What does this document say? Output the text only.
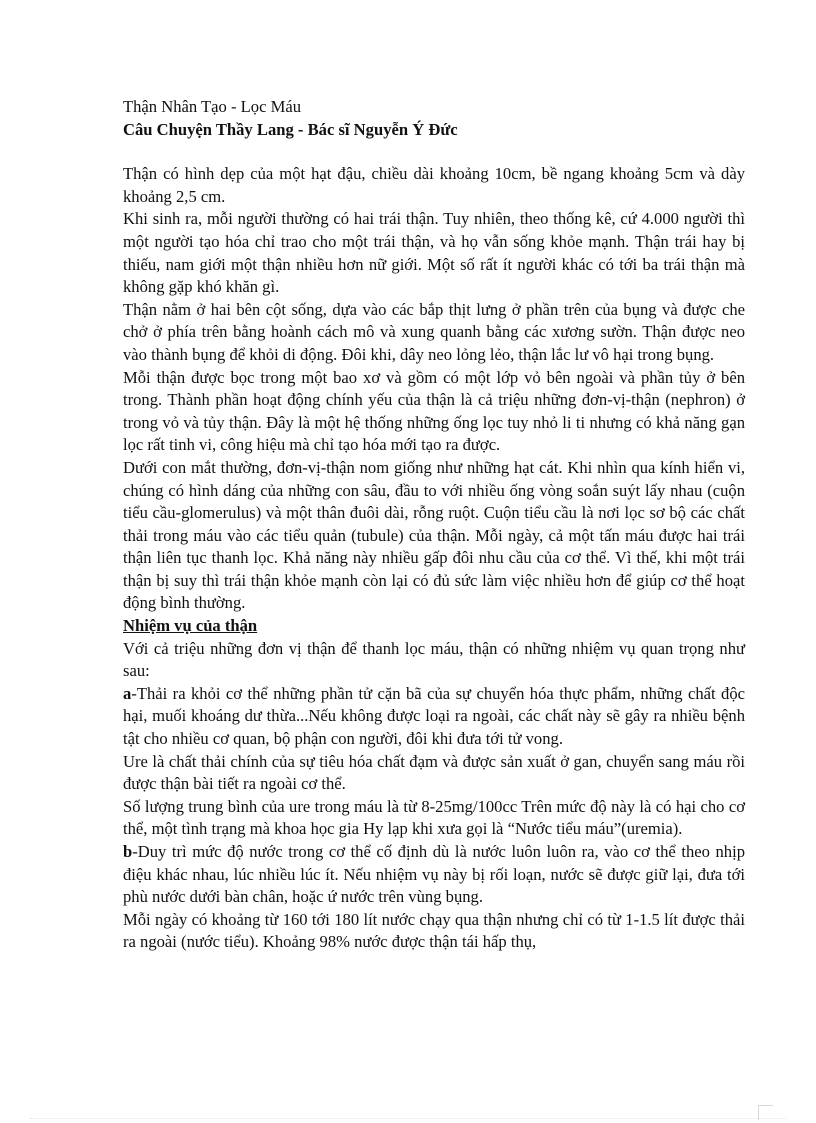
Thận Nhân Tạo - Lọc Máu
Câu Chuyện Thầy Lang - Bác sĩ Nguyễn Ý Đức

Thận có hình dẹp của một hạt đậu, chiều dài khoảng 10cm, bề ngang khoảng 5cm và dày khoảng 2,5 cm.

Khi sinh ra, mỗi người thường có hai trái thận. Tuy nhiên, theo thống kê, cứ 4.000 người thì một người tạo hóa chỉ trao cho một trái thận, và họ vẫn sống khỏe mạnh. Thận trái hay bị thiếu, nam giới một thận nhiều hơn nữ giới. Một số rất ít người khác có tới ba trái thận mà không gặp khó khăn gì.

Thận nằm ở hai bên cột sống, dựa vào các bắp thịt lưng ở phần trên của bụng và được che chở ở phía trên bằng hoành cách mô và xung quanh bằng các xương sườn. Thận được neo vào thành bụng để khỏi di động. Đôi khi, dây neo lỏng lẻo, thận lắc lư vô hại trong bụng.

Mỗi thận được bọc trong một bao xơ và gồm có một lớp vỏ bên ngoài và phần tủy ở bên trong. Thành phần hoạt động chính yếu của thận là cả triệu những đơn-vị-thận (nephron) ở trong vỏ và tủy thận. Đây là một hệ thống những ống lọc tuy nhỏ li ti nhưng có khả năng gạn lọc rất tinh vi, công hiệu mà chỉ tạo hóa mới tạo ra được.

Dưới con mắt thường, đơn-vị-thận nom giống như những hạt cát. Khi nhìn qua kính hiển vi, chúng có hình dáng của những con sâu, đầu to với nhiều ống vòng soắn suýt lấy nhau (cuộn tiểu cầu-glomerulus) và một thân đuôi dài, rỗng ruột. Cuộn tiểu cầu là nơi lọc sơ bộ các chất thải trong máu vào các tiểu quản (tubule) của thận. Mỗi ngày, cả một tấn máu được hai trái thận liên tục thanh lọc. Khả năng này nhiều gấp đôi nhu cầu của cơ thể. Vì thế, khi một trái thận bị suy thì trái thận khỏe mạnh còn lại có đủ sức làm việc nhiều hơn để giúp cơ thể hoạt động bình thường.

Nhiệm vụ của thận

Với cả triệu những đơn vị thận để thanh lọc máu, thận có những nhiệm vụ quan trọng như sau:

a-Thải ra khỏi cơ thể những phần tử cặn bã của sự chuyển hóa thực phẩm, những chất độc hại, muối khoáng dư thừa...Nếu không được loại ra ngoài, các chất này sẽ gây ra nhiều bệnh tật cho nhiều cơ quan, bộ phận con người, đôi khi đưa tới tử vong.

Ure là chất thải chính của sự tiêu hóa chất đạm và được sản xuất ở gan, chuyển sang máu rồi được thận bài tiết ra ngoài cơ thể.

Số lượng trung bình của ure trong máu là từ 8-25mg/100cc Trên mức độ này là có hại cho cơ thể, một tình trạng mà khoa học gia Hy lạp khi xưa gọi là “Nước tiểu máu”(uremia).

b-Duy trì mức độ nước trong cơ thể cố định dù là nước luôn luôn ra, vào cơ thể theo nhịp điệu khác nhau, lúc nhiều lúc ít. Nếu nhiệm vụ này bị rối loạn, nước sẽ được giữ lại, đưa tới phù nước dưới bàn chân, hoặc ứ nước trên vùng bụng.

Mỗi ngày có khoảng từ 160 tới 180 lít nước chạy qua thận nhưng chỉ có từ 1-1.5 lít được thải ra ngoài (nước tiểu). Khoảng 98% nước được thận tái hấp thụ,
